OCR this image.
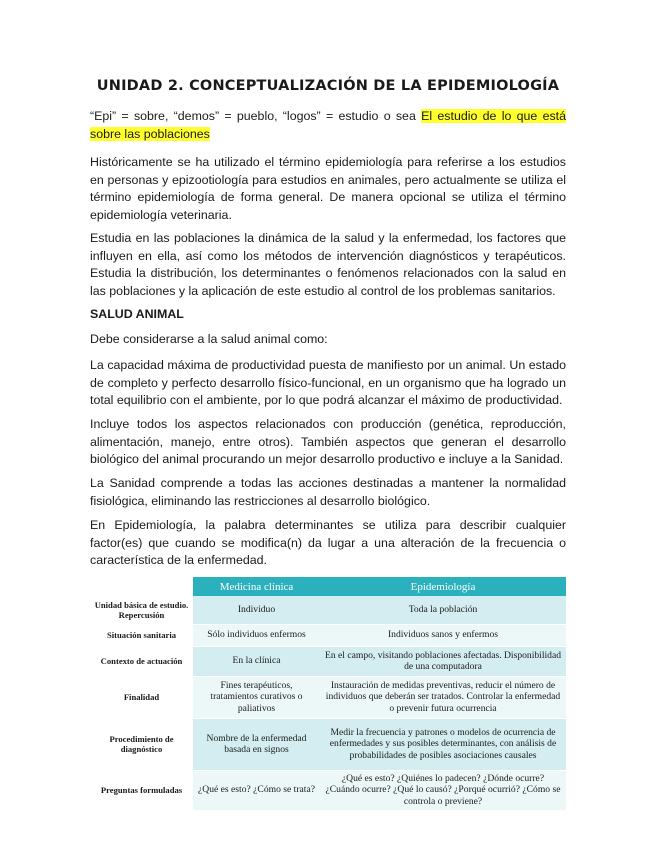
UNIDAD 2. CONCEPTUALIZACIÓN DE LA EPIDEMIOLOGÍA

“Epi” = sobre, “demos” = pueblo, “logos” = estudio o sea El estudio de lo que está sobre las poblaciones

Históricamente se ha utilizado el término epidemiología para referirse a los estudios en personas y epizootiología para estudios en animales, pero actualmente se utiliza el término epidemiología de forma general. De manera opcional se utiliza el término epidemiología veterinaria.

Estudia en las poblaciones la dinámica de la salud y la enfermedad, los factores que influyen en ella, así como los métodos de intervención diagnósticos y terapéuticos. Estudia la distribución, los determinantes o fenómenos relacionados con la salud en las poblaciones y la aplicación de este estudio al control de los problemas sanitarios.

SALUD ANIMAL

Debe considerarse a la salud animal como:

La capacidad máxima de productividad puesta de manifiesto por un animal. Un estado de completo y perfecto desarrollo físico-funcional, en un organismo que ha logrado un total equilibrio con el ambiente, por lo que podrá alcanzar el máximo de productividad.

Incluye todos los aspectos relacionados con producción (genética, reproducción, alimentación, manejo, entre otros). También aspectos que generan el desarrollo biológico del animal procurando un mejor desarrollo productivo e incluye a la Sanidad.

La Sanidad comprende a todas las acciones destinadas a mantener la normalidad fisiológica, eliminando las restricciones al desarrollo biológico.

En Epidemiología, la palabra determinantes se utiliza para describir cualquier factor(es) que cuando se modifica(n) da lugar a una alteración de la frecuencia o característica de la enfermedad.

	Medicina clínica	Epidemiología
Unidad básica de estudio. Repercusión	Individuo	Toda la población
Situación sanitaria	Sólo individuos enfermos	Individuos sanos y enfermos
Contexto de actuación	En la clínica	En el campo, visitando poblaciones afectadas. Disponibilidad de una computadora
Finalidad	Fines terapéuticos, tratamientos curativos o paliativos	Instauración de medidas preventivas, reducir el número de individuos que deberán ser tratados. Controlar la enfermedad o prevenir futura ocurrencia
Procedimiento de diagnóstico	Nombre de la enfermedad basada en signos	Medir la frecuencia y patrones o modelos de ocurrencia de enfermedades y sus posibles determinantes, con análisis de probabilidades de posibles asociaciones causales
Preguntas formuladas	¿Qué es esto? ¿Cómo se trata?	¿Qué es esto? ¿Quiénes lo padecen? ¿Dónde ocurre? ¿Cuándo ocurre? ¿Qué lo causó? ¿Porqué ocurrió? ¿Cómo se controla o previene?
